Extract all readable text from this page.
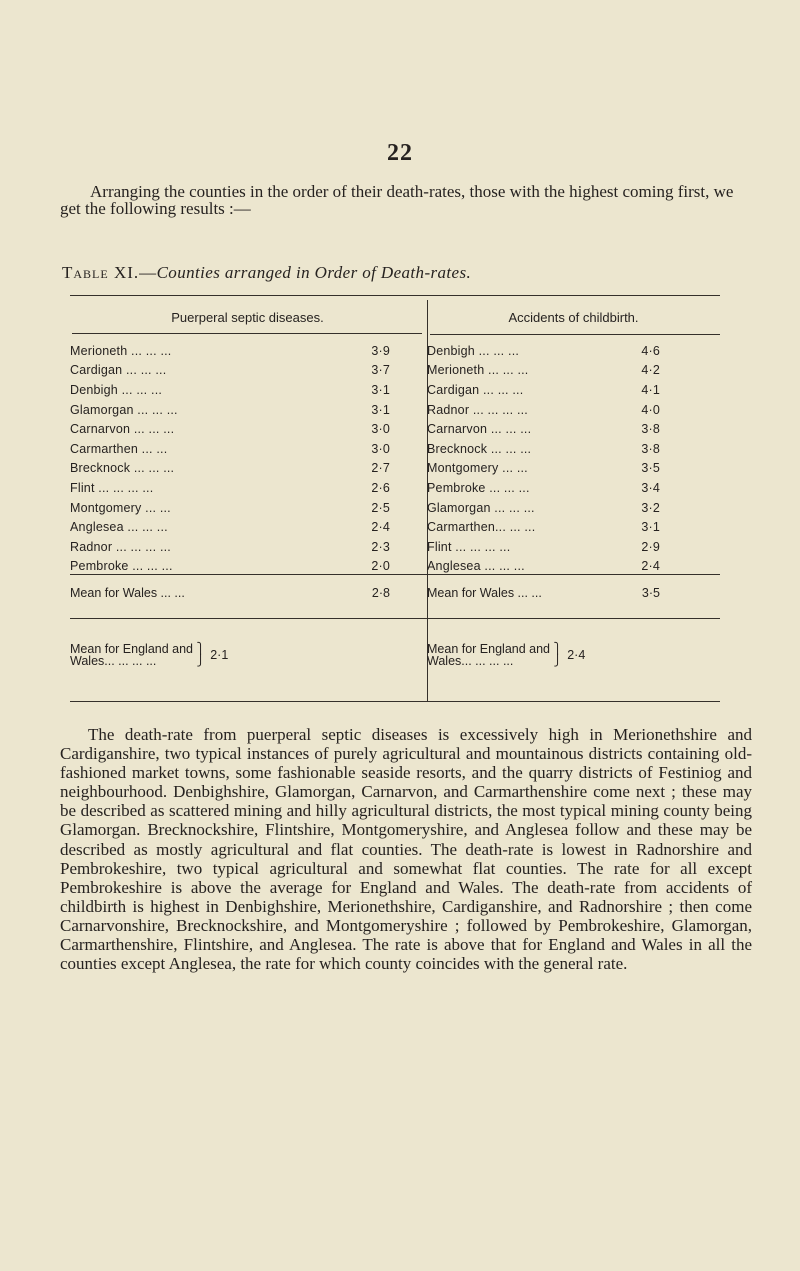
22

Arranging the counties in the order of their death-rates, those with the highest coming first, we get the following results :—

Table XI.—Counties arranged in Order of Death-rates.

Puerperal septic diseases.
Merioneth ... ... ...	3·9
Cardigan ... ... ...	3·7
Denbigh ... ... ...	3·1
Glamorgan ... ... ...	3·1
Carnarvon ... ... ...	3·0
Carmarthen ... ...	3·0
Brecknock ... ... ...	2·7
Flint ... ... ... ...	2·6
Montgomery ... ...	2·5
Anglesea ... ... ...	2·4
Radnor ... ... ... ...	2·3
Pembroke ... ... ...	2·0
Mean for Wales ... ...	2·8
Mean for England and
Wales... ... ... ...
⎫
⎭ 2·1
Accidents of childbirth.
Denbigh ... ... ...	4·6
Merioneth ... ... ...	4·2
Cardigan ... ... ...	4·1
Radnor ... ... ... ...	4·0
Carnarvon ... ... ...	3·8
Brecknock ... ... ...	3·8
Montgomery ... ...	3·5
Pembroke ... ... ...	3·4
Glamorgan ... ... ...	3·2
Carmarthen... ... ...	3·1
Flint ... ... ... ...	2·9
Anglesea ... ... ...	2·4
Mean for Wales ... ...	3·5
Mean for England and
Wales... ... ... ...
⎫
⎭ 2·4

The death-rate from puerperal septic diseases is excessively high in Merionethshire and Cardiganshire, two typical instances of purely agricultural and mountainous districts containing old-fashioned market towns, some fashionable seaside resorts, and the quarry districts of Festiniog and neighbourhood. Denbighshire, Glamorgan, Carnarvon, and Carmarthenshire come next ; these may be described as scattered mining and hilly agricultural districts, the most typical mining county being Glamorgan. Brecknockshire, Flintshire, Montgomeryshire, and Anglesea follow and these may be described as mostly agricultural and flat counties. The death-rate is lowest in Radnorshire and Pembrokeshire, two typical agricultural and somewhat flat counties. The rate for all except Pembrokeshire is above the average for England and Wales. The death-rate from accidents of childbirth is highest in Denbighshire, Merionethshire, Cardiganshire, and Radnorshire ; then come Carnarvonshire, Brecknockshire, and Montgomeryshire ; followed by Pembrokeshire, Glamorgan, Carmarthenshire, Flintshire, and Anglesea. The rate is above that for England and Wales in all the counties except Anglesea, the rate for which county coincides with the general rate.
